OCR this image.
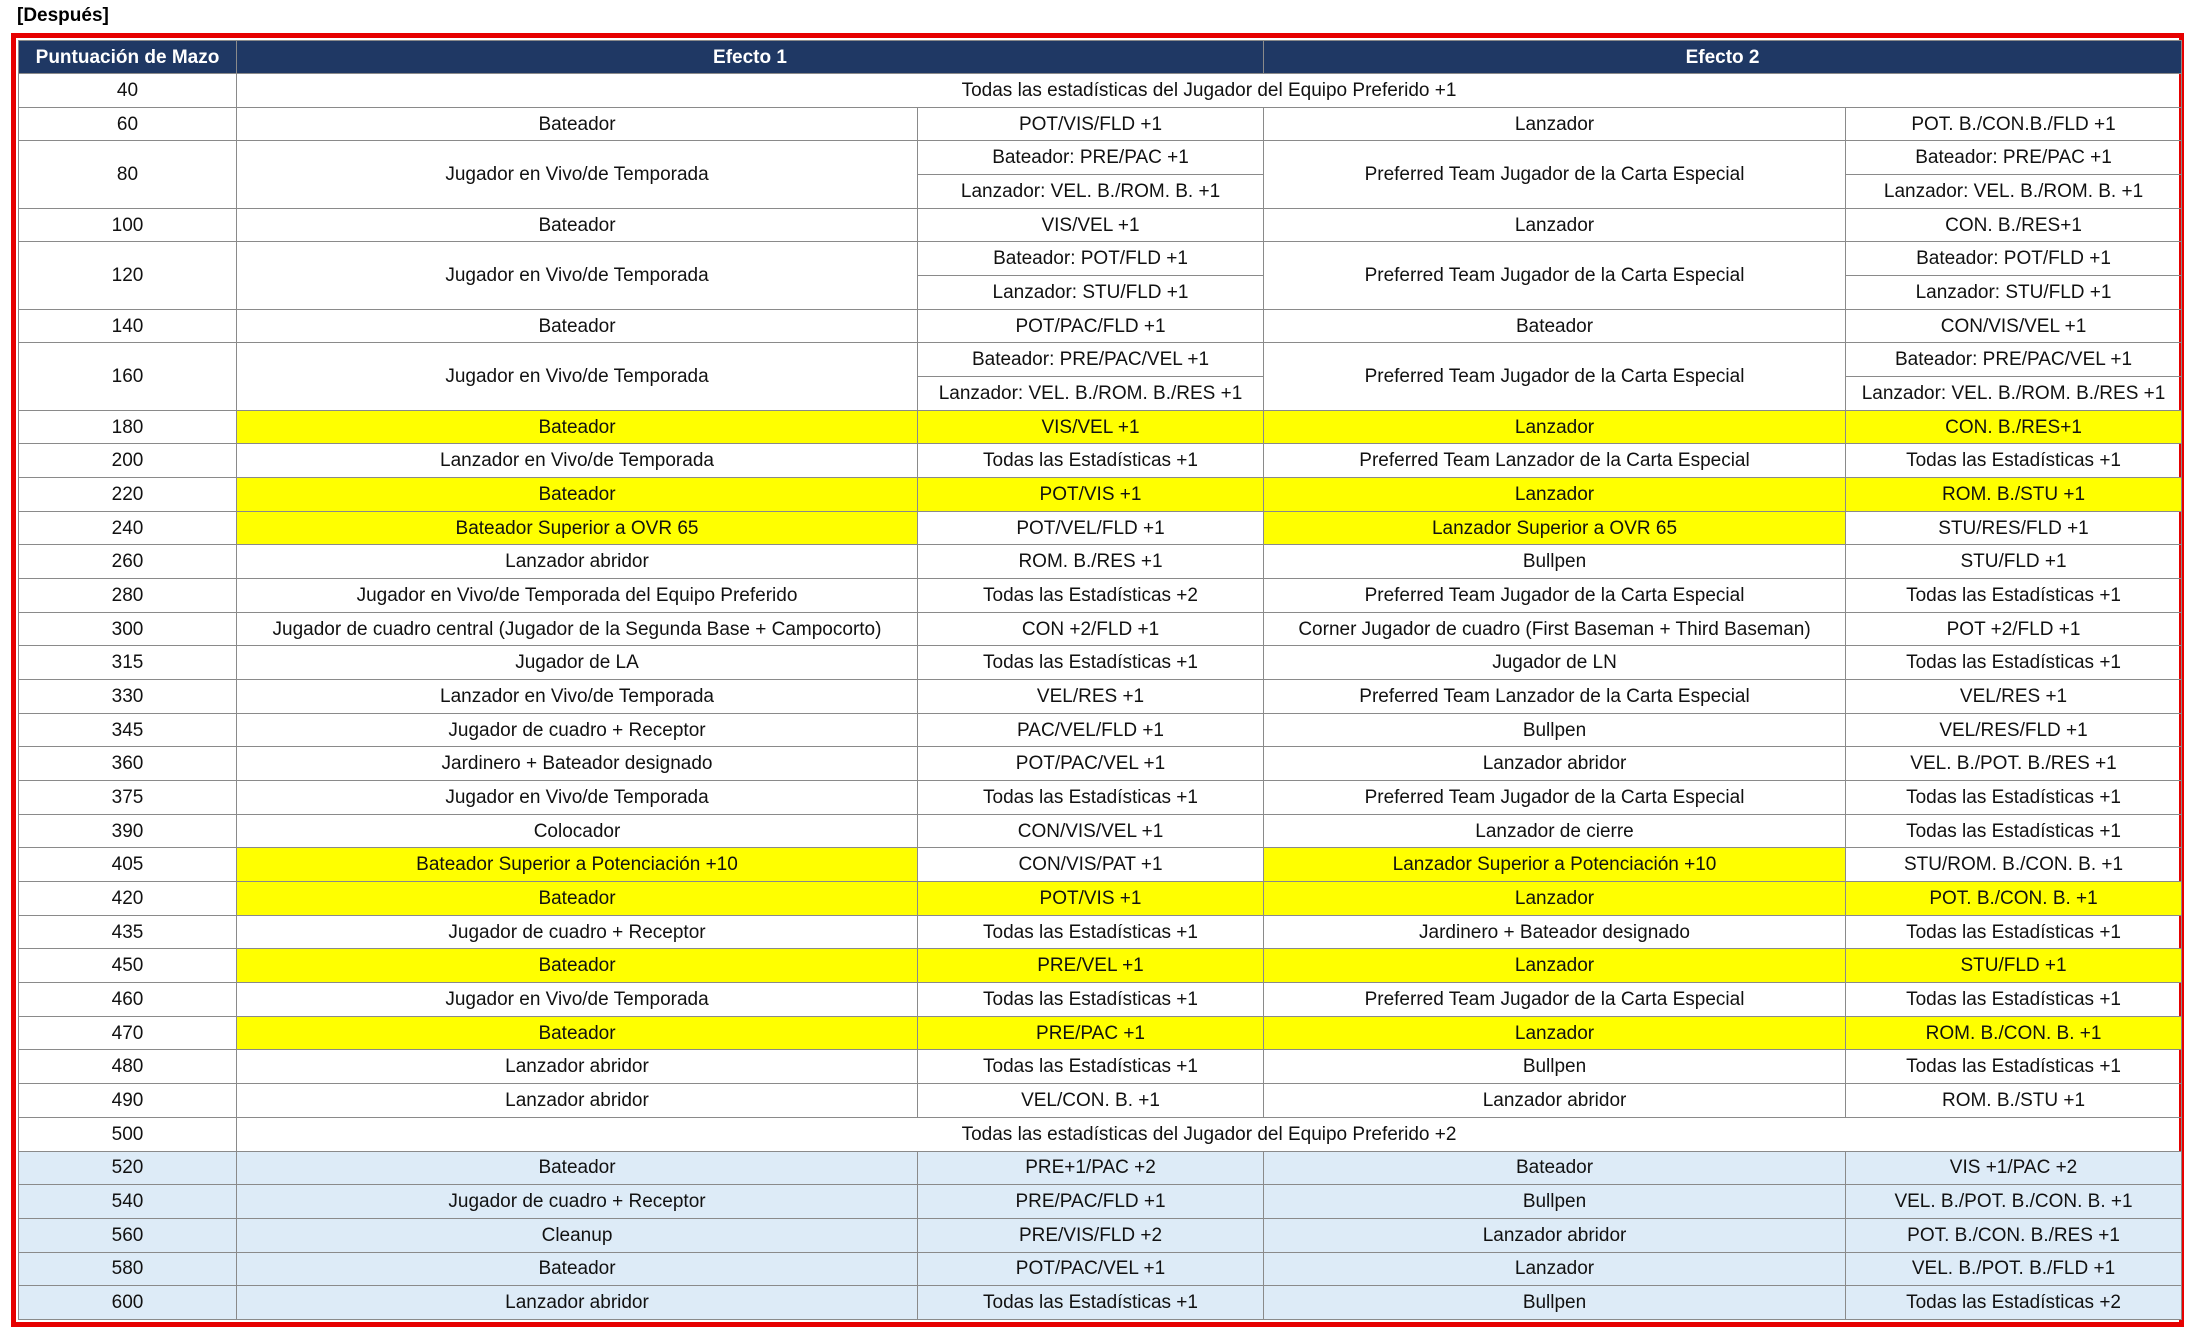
[Después]
Puntuación de Mazo	Efecto 1		Efecto 2	
40	Todas las estadísticas del Jugador del Equipo Preferido +1			
60	Bateador	POT/VIS/FLD +1	Lanzador	POT. B./CON.B./FLD +1
80	Jugador en Vivo/de Temporada	Bateador: PRE/PAC +1	Preferred Team Jugador de la Carta Especial	Bateador: PRE/PAC +1
		Lanzador: VEL. B./ROM. B. +1		Lanzador: VEL. B./ROM. B. +1
100	Bateador	VIS/VEL +1	Lanzador	CON. B./RES+1
120	Jugador en Vivo/de Temporada	Bateador: POT/FLD +1	Preferred Team Jugador de la Carta Especial	Bateador: POT/FLD +1
		Lanzador: STU/FLD +1		Lanzador: STU/FLD +1
140	Bateador	POT/PAC/FLD +1	Bateador	CON/VIS/VEL +1
160	Jugador en Vivo/de Temporada	Bateador: PRE/PAC/VEL +1	Preferred Team Jugador de la Carta Especial	Bateador: PRE/PAC/VEL +1
		Lanzador: VEL. B./ROM. B./RES +1		Lanzador: VEL. B./ROM. B./RES +1
180	Bateador	VIS/VEL +1	Lanzador	CON. B./RES+1
200	Lanzador en Vivo/de Temporada	Todas las Estadísticas +1	Preferred Team Lanzador de la Carta Especial	Todas las Estadísticas +1
220	Bateador	POT/VIS +1	Lanzador	ROM. B./STU +1
240	Bateador Superior a OVR 65	POT/VEL/FLD +1	Lanzador Superior a OVR 65	STU/RES/FLD +1
260	Lanzador abridor	ROM. B./RES +1	Bullpen	STU/FLD +1
280	Jugador en Vivo/de Temporada del Equipo Preferido	Todas las Estadísticas +2	Preferred Team Jugador de la Carta Especial	Todas las Estadísticas +1
300	Jugador de cuadro central (Jugador de la Segunda Base + Campocorto)	CON +2/FLD +1	Corner Jugador de cuadro (First Baseman + Third Baseman)	POT +2/FLD +1
315	Jugador de LA	Todas las Estadísticas +1	Jugador de LN	Todas las Estadísticas +1
330	Lanzador en Vivo/de Temporada	VEL/RES +1	Preferred Team Lanzador de la Carta Especial	VEL/RES +1
345	Jugador de cuadro + Receptor	PAC/VEL/FLD +1	Bullpen	VEL/RES/FLD +1
360	Jardinero + Bateador designado	POT/PAC/VEL +1	Lanzador abridor	VEL. B./POT. B./RES +1
375	Jugador en Vivo/de Temporada	Todas las Estadísticas +1	Preferred Team Jugador de la Carta Especial	Todas las Estadísticas +1
390	Colocador	CON/VIS/VEL +1	Lanzador de cierre	Todas las Estadísticas +1
405	Bateador Superior a Potenciación +10	CON/VIS/PAT +1	Lanzador Superior a Potenciación +10	STU/ROM. B./CON. B. +1
420	Bateador	POT/VIS +1	Lanzador	POT. B./CON. B. +1
435	Jugador de cuadro + Receptor	Todas las Estadísticas +1	Jardinero + Bateador designado	Todas las Estadísticas +1
450	Bateador	PRE/VEL +1	Lanzador	STU/FLD +1
460	Jugador en Vivo/de Temporada	Todas las Estadísticas +1	Preferred Team Jugador de la Carta Especial	Todas las Estadísticas +1
470	Bateador	PRE/PAC +1	Lanzador	ROM. B./CON. B. +1
480	Lanzador abridor	Todas las Estadísticas +1	Bullpen	Todas las Estadísticas +1
490	Lanzador abridor	VEL/CON. B. +1	Lanzador abridor	ROM. B./STU +1
500	Todas las estadísticas del Jugador del Equipo Preferido +2			
520	Bateador	PRE+1/PAC +2	Bateador	VIS +1/PAC +2
540	Jugador de cuadro + Receptor	PRE/PAC/FLD +1	Bullpen	VEL. B./POT. B./CON. B. +1
560	Cleanup	PRE/VIS/FLD +2	Lanzador abridor	POT. B./CON. B./RES +1
580	Bateador	POT/PAC/VEL +1	Lanzador	VEL. B./POT. B./FLD +1
600	Lanzador abridor	Todas las Estadísticas +1	Bullpen	Todas las Estadísticas +2
